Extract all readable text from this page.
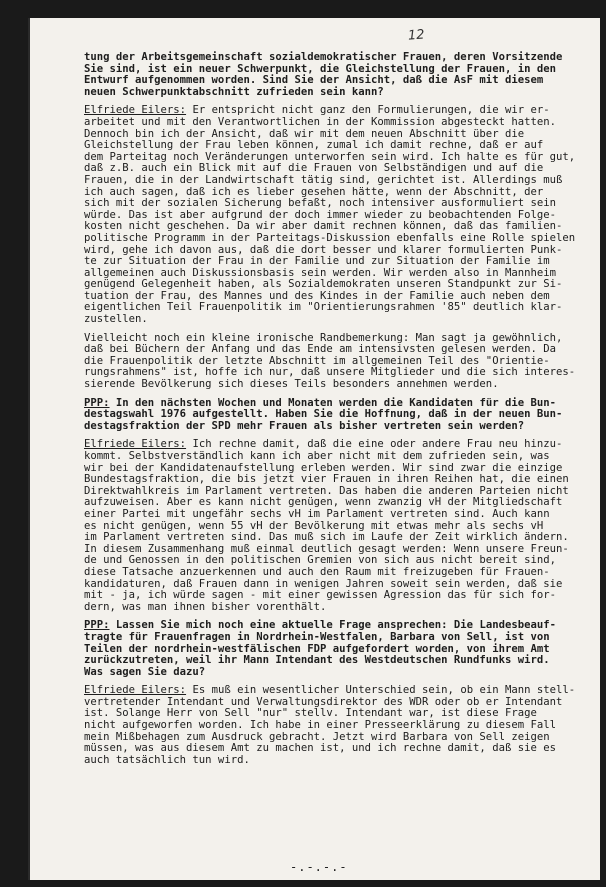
12
tung der Arbeitsgemeinschaft sozialdemokratischer Frauen, deren Vorsitzende
Sie sind, ist ein neuer Schwerpunkt, die Gleichstellung der Frauen, in den
Entwurf aufgenommen worden. Sind Sie der Ansicht, daß die AsF mit diesem
neuen Schwerpunktabschnitt zufrieden sein kann?
Elfriede Eilers: Er entspricht nicht ganz den Formulierungen, die wir er-
arbeitet und mit den Verantwortlichen in der Kommission abgesteckt hatten.
Dennoch bin ich der Ansicht, daß wir mit dem neuen Abschnitt über die
Gleichstellung der Frau leben können, zumal ich damit rechne, daß er auf
dem Parteitag noch Veränderungen unterworfen sein wird. Ich halte es für gut,
daß z.B. auch ein Blick mit auf die Frauen von Selbständigen und auf die
Frauen, die in der Landwirtschaft tätig sind, gerichtet ist. Allerdings muß
ich auch sagen, daß ich es lieber gesehen hätte, wenn der Abschnitt, der
sich mit der sozialen Sicherung befaßt, noch intensiver ausformuliert sein
würde. Das ist aber aufgrund der doch immer wieder zu beobachtenden Folge-
kosten nicht geschehen. Da wir aber damit rechnen können, daß das familien-
politische Programm in der Parteitags-Diskussion ebenfalls eine Rolle spielen
wird, gehe ich davon aus, daß die dort besser und klarer formulierten Punk-
te zur Situation der Frau in der Familie und zur Situation der Familie im
allgemeinen auch Diskussionsbasis sein werden. Wir werden also in Mannheim
genügend Gelegenheit haben, als Sozialdemokraten unseren Standpunkt zur Si-
tuation der Frau, des Mannes und des Kindes in der Familie auch neben dem
eigentlichen Teil Frauenpolitik im "Orientierungsrahmen '85" deutlich klar-
zustellen.
Vielleicht noch ein kleine ironische Randbemerkung: Man sagt ja gewöhnlich,
daß bei Büchern der Anfang und das Ende am intensivsten gelesen werden. Da
die Frauenpolitik der letzte Abschnitt im allgemeinen Teil des "Orientie-
rungsrahmens" ist, hoffe ich nur, daß unsere Mitglieder und die sich interes-
sierende Bevölkerung sich dieses Teils besonders annehmen werden.
PPP: In den nächsten Wochen und Monaten werden die Kandidaten für die Bun-
destagswahl 1976 aufgestellt. Haben Sie die Hoffnung, daß in der neuen Bun-
destagsfraktion der SPD mehr Frauen als bisher vertreten sein werden?
Elfriede Eilers: Ich rechne damit, daß die eine oder andere Frau neu hinzu-
kommt. Selbstverständlich kann ich aber nicht mit dem zufrieden sein, was
wir bei der Kandidatenaufstellung erleben werden. Wir sind zwar die einzige
Bundestagsfraktion, die bis jetzt vier Frauen in ihren Reihen hat, die einen
Direktwahlkreis im Parlament vertreten. Das haben die anderen Parteien nicht
aufzuweisen. Aber es kann nicht genügen, wenn zwanzig vH der Mitgliedschaft
einer Partei mit ungefähr sechs vH im Parlament vertreten sind. Auch kann
es nicht genügen, wenn 55 vH der Bevölkerung mit etwas mehr als sechs vH
im Parlament vertreten sind. Das muß sich im Laufe der Zeit wirklich ändern.
In diesem Zusammenhang muß einmal deutlich gesagt werden: Wenn unsere Freun-
de und Genossen in den politischen Gremien von sich aus nicht bereit sind,
diese Tatsache anzuerkennen und auch den Raum mit freizugeben für Frauen-
kandidaturen, daß Frauen dann in wenigen Jahren soweit sein werden, daß sie
mit - ja, ich würde sagen - mit einer gewissen Agression das für sich for-
dern, was man ihnen bisher vorenthält.
PPP: Lassen Sie mich noch eine aktuelle Frage ansprechen: Die Landesbeauf-
tragte für Frauenfragen in Nordrhein-Westfalen, Barbara von Sell, ist von
Teilen der nordrhein-westfälischen FDP aufgefordert worden, von ihrem Amt
zurückzutreten, weil ihr Mann Intendant des Westdeutschen Rundfunks wird.
Was sagen Sie dazu?
Elfriede Eilers: Es muß ein wesentlicher Unterschied sein, ob ein Mann stell-
vertretender Intendant und Verwaltungsdirektor des WDR oder ob er Intendant
ist. Solange Herr von Sell "nur" stellv. Intendant war, ist diese Frage
nicht aufgeworfen worden. Ich habe in einer Presseerklärung zu diesem Fall
mein Mißbehagen zum Ausdruck gebracht. Jetzt wird Barbara von Sell zeigen
müssen, was aus diesem Amt zu machen ist, und ich rechne damit, daß sie es
auch tatsächlich tun wird.
-.-.-.-
